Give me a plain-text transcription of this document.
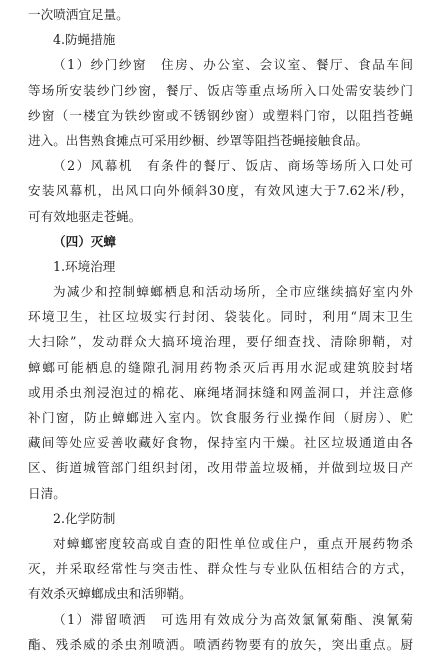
一次喷洒宜足量。
4.防蝇措施
（1）纱门纱窗　住房、办公室、会议室、餐厅、食品车间
等场所安装纱门纱窗，餐厅、饭店等重点场所入口处需安装纱门
纱窗（一楼宜为铁纱窗或不锈钢纱窗）或塑料门帘，以阻挡苍蝇
进入。出售熟食摊点可采用纱橱、纱罩等阻挡苍蝇接触食品。
（2）风幕机　有条件的餐厅、饭店、商场等场所入口处可
安装风幕机，出风口向外倾斜30度，有效风速大于7.62米/秒，
可有效地驱走苍蝇。
（四）灭蟑
1.环境治理
为减少和控制蟑螂栖息和活动场所，全市应继续搞好室内外
环境卫生，社区垃圾实行封闭、袋装化。同时，利用“周末卫生
大扫除”，发动群众大搞环境治理，要仔细查找、清除卵鞘，对
蟑螂可能栖息的缝隙孔洞用药物杀灭后再用水泥或建筑胶封堵
或用杀虫剂浸泡过的棉花、麻绳堵洞抹缝和网盖洞口，并注意修
补门窗，防止蟑螂进入室内。饮食服务行业操作间（厨房）、贮
藏间等处应妥善收藏好食物，保持室内干燥。社区垃圾通道由各
区、街道城管部门组织封闭，改用带盖垃圾桶，并做到垃圾日产
日清。
2.化学防制
对蟑螂密度较高或自查的阳性单位或住户，重点开展药物杀
灭，并采取经常性与突击性、群众性与专业队伍相结合的方式，
有效杀灭蟑螂成虫和活卵鞘。
（1）滞留喷洒　可选用有效成分为高效氯氰菊酯、溴氰菊
酯、残杀威的杀虫剂喷洒。喷洒药物要有的放矢，突出重点。厨
